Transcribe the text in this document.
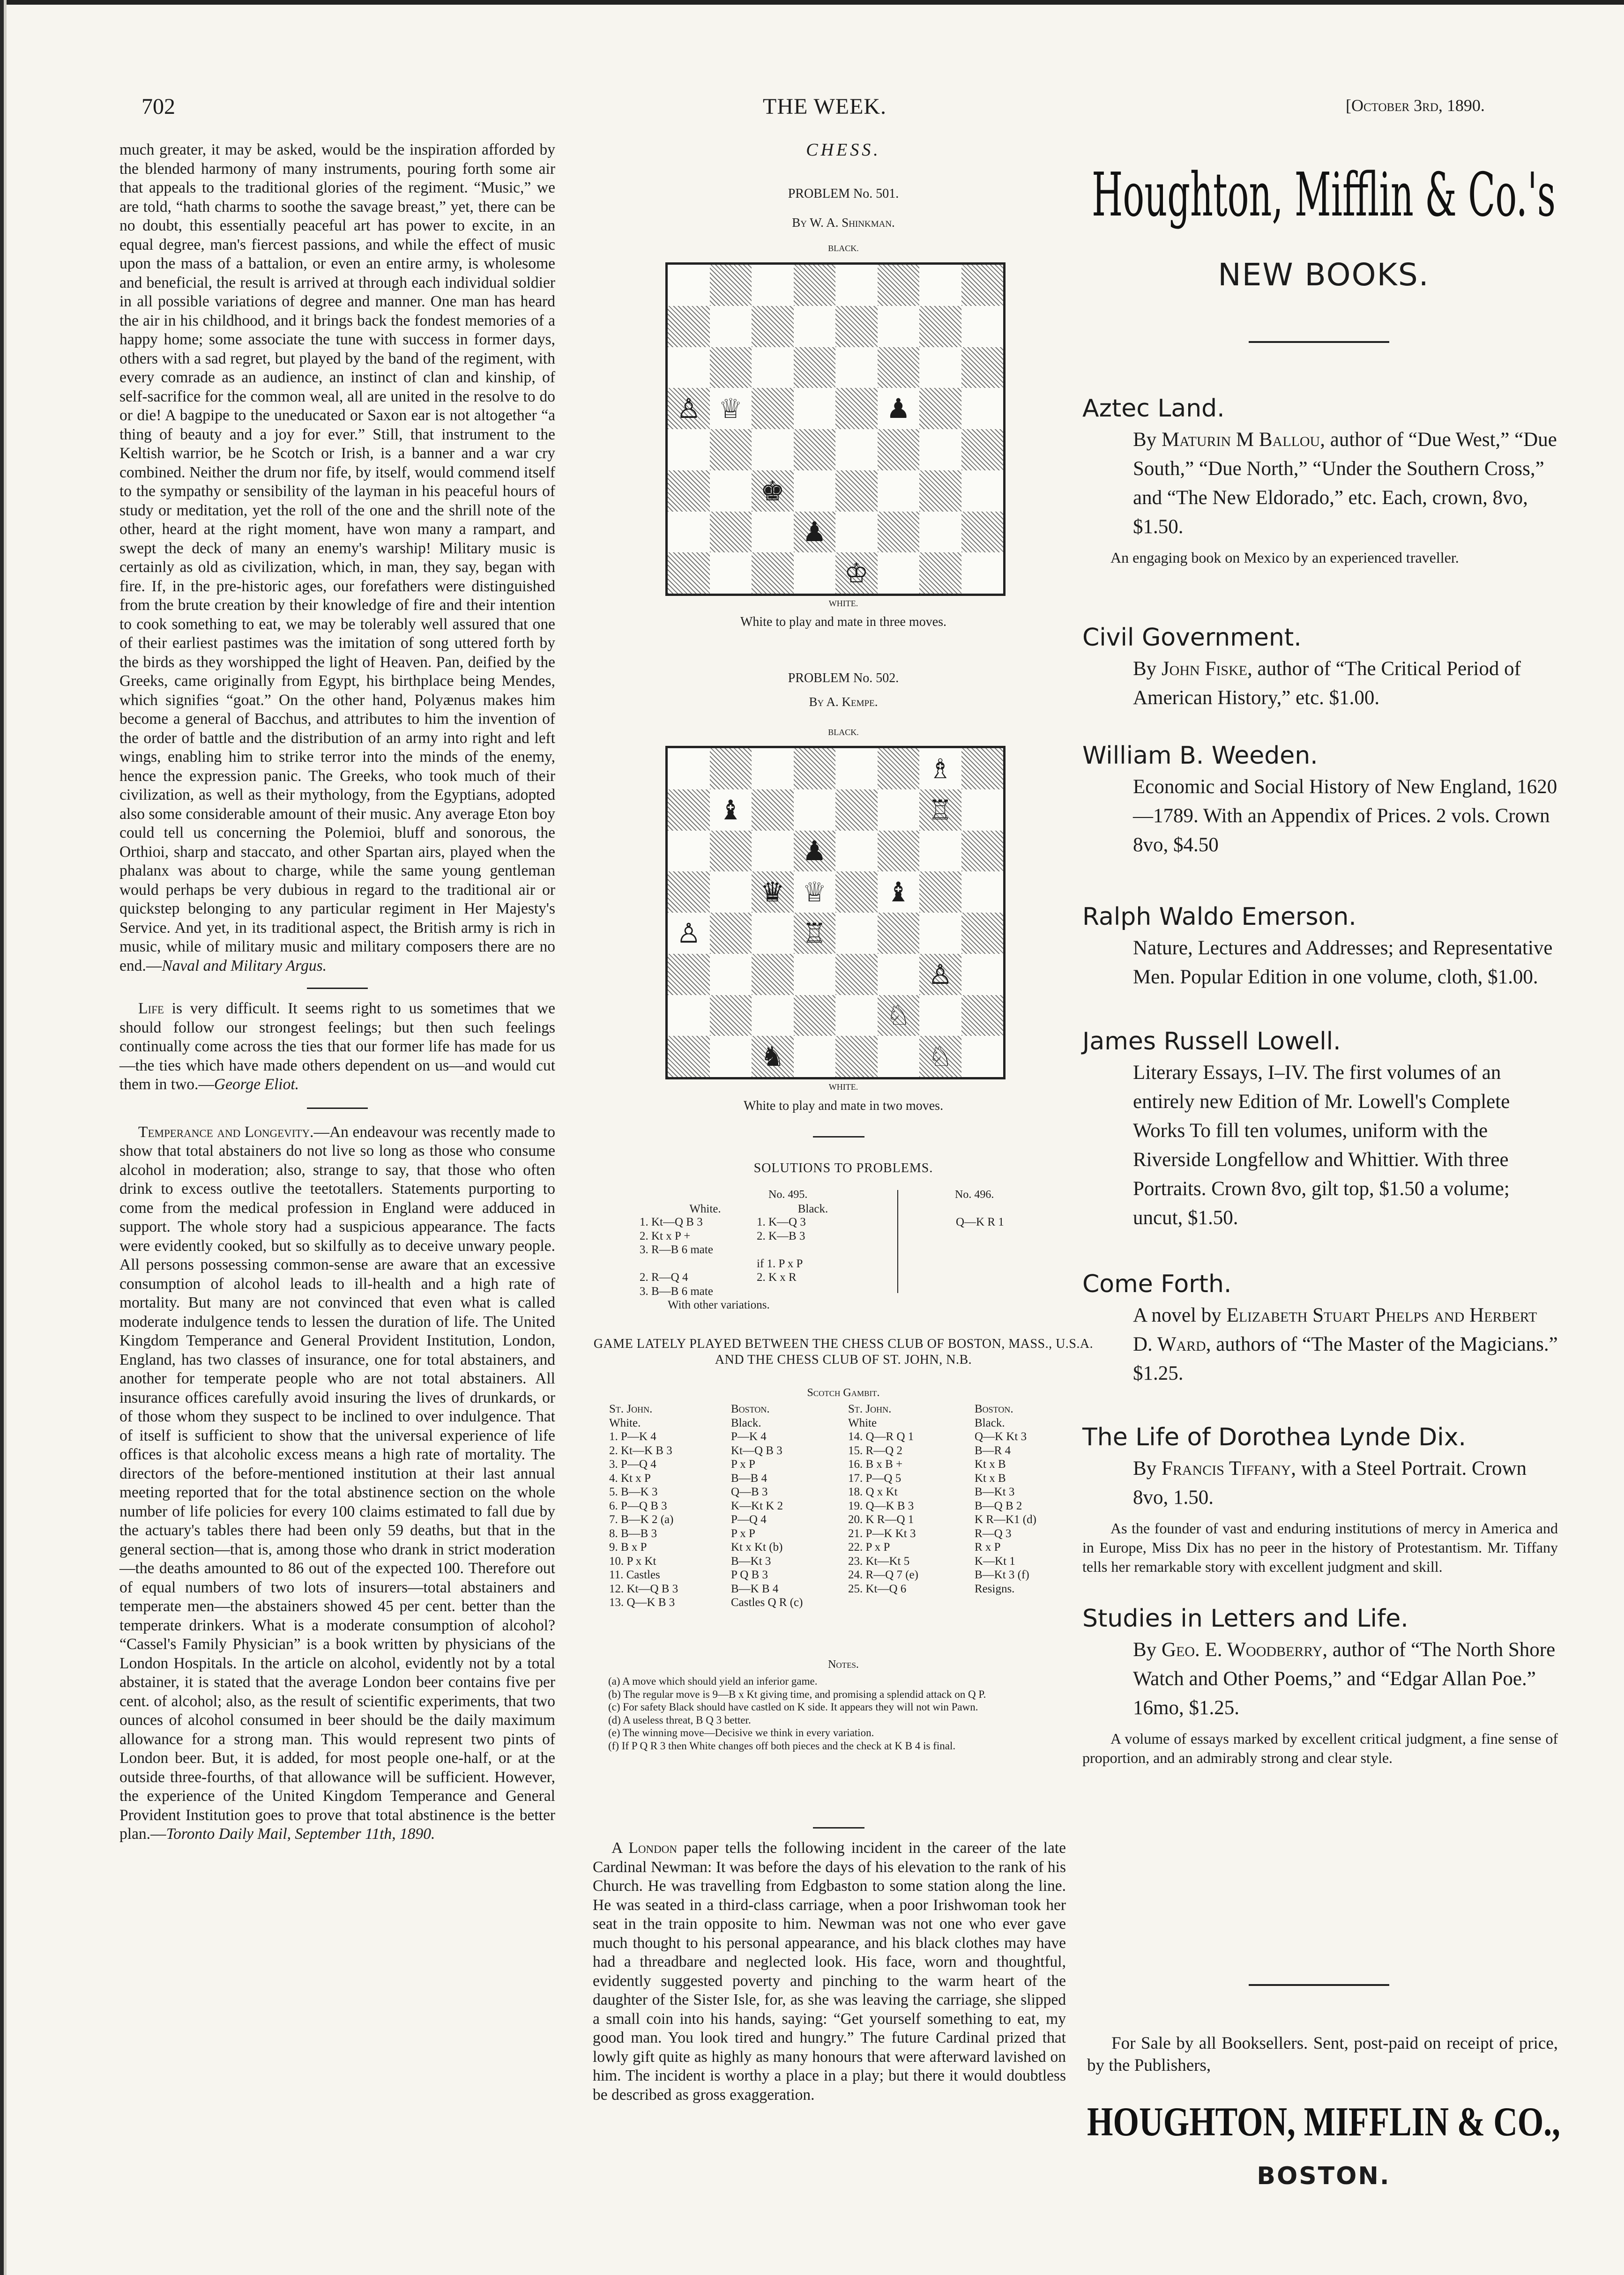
702	THE WEEK.	[October 3rd, 1890.

much greater, it may be asked, would be the inspiration afforded by the blended harmony of many instruments, pouring forth some air that appeals to the traditional glories of the regiment. “Music,” we are told, “hath charms to soothe the savage breast,” yet, there can be no doubt, this essentially peaceful art has power to excite, in an equal degree, man's fiercest passions, and while the effect of music upon the mass of a battalion, or even an entire army, is wholesome and beneficial, the result is arrived at through each individual soldier in all possible variations of degree and manner. One man has heard the air in his childhood, and it brings back the fondest memories of a happy home; some associate the tune with success in former days, others with a sad regret, but played by the band of the regiment, with every comrade as an audience, an instinct of clan and kinship, of self-sacrifice for the common weal, all are united in the resolve to do or die! A bagpipe to the uneducated or Saxon ear is not altogether “a thing of beauty and a joy for ever.” Still, that instrument to the Keltish warrior, be he Scotch or Irish, is a banner and a war cry combined. Neither the drum nor fife, by itself, would commend itself to the sympathy or sensibility of the layman in his peaceful hours of study or meditation, yet the roll of the one and the shrill note of the other, heard at the right moment, have won many a rampart, and swept the deck of many an enemy's warship! Military music is certainly as old as civilization, which, in man, they say, began with fire. If, in the pre-historic ages, our forefathers were distinguished from the brute creation by their knowledge of fire and their intention to cook something to eat, we may be tolerably well assured that one of their earliest pastimes was the imitation of song uttered forth by the birds as they worshipped the light of Heaven. Pan, deified by the Greeks, came originally from Egypt, his birthplace being Mendes, which signifies “goat.” On the other hand, Polyænus makes him become a general of Bacchus, and attributes to him the invention of the order of battle and the distribution of an army into right and left wings, enabling him to strike terror into the minds of the enemy, hence the expression panic. The Greeks, who took much of their civilization, as well as their mythology, from the Egyptians, adopted also some considerable amount of their music. Any average Eton boy could tell us concerning the Polemioi, bluff and sonorous, the Orthioi, sharp and staccato, and other Spartan airs, played when the phalanx was about to charge, while the same young gentleman would perhaps be very dubious in regard to the traditional air or quickstep belonging to any particular regiment in Her Majesty's Service. And yet, in its traditional aspect, the British army is rich in music, while of military music and military composers there are no end.—Naval and Military Argus.

Life is very difficult. It seems right to us sometimes that we should follow our strongest feelings; but then such feelings continually come across the ties that our former life has made for us—the ties which have made others dependent on us—and would cut them in two.—George Eliot.

Temperance and Longevity.—An endeavour was recently made to show that total abstainers do not live so long as those who consume alcohol in moderation; also, strange to say, that those who often drink to excess outlive the teetotallers. Statements purporting to come from the medical profession in England were adduced in support. The whole story had a suspicious appearance. The facts were evidently cooked, but so skilfully as to deceive unwary people. All persons possessing common-sense are aware that an excessive consumption of alcohol leads to ill-health and a high rate of mortality. But many are not convinced that even what is called moderate indulgence tends to lessen the duration of life. The United Kingdom Temperance and General Provident Institution, London, England, has two classes of insurance, one for total abstainers, and another for temperate people who are not total abstainers. All insurance offices carefully avoid insuring the lives of drunkards, or of those whom they suspect to be inclined to over indulgence. That of itself is sufficient to show that the universal experience of life offices is that alcoholic excess means a high rate of mortality. The directors of the before-mentioned institution at their last annual meeting reported that for the total abstinence section on the whole number of life policies for every 100 claims estimated to fall due by the actuary's tables there had been only 59 deaths, but that in the general section—that is, among those who drank in strict moderation—the deaths amounted to 86 out of the expected 100. Therefore out of equal numbers of two lots of insurers—total abstainers and temperate men—the abstainers showed 45 per cent. better than the temperate drinkers. What is a moderate consumption of alcohol? “Cassel's Family Physician” is a book written by physicians of the London Hospitals. In the article on alcohol, evidently not by a total abstainer, it is stated that the average London beer contains five per cent. of alcohol; also, as the result of scientific experiments, that two ounces of alcohol consumed in beer should be the daily maximum allowance for a strong man. This would represent two pints of London beer. But, it is added, for most people one-half, or at the outside three-fourths, of that allowance will be sufficient. However, the experience of the United Kingdom Temperance and General Provident Institution goes to prove that total abstinence is the better plan.—Toronto Daily Mail, September 11th, 1890.

CHESS.
PROBLEM No. 501.
By W. A. Shinkman.
BLACK.
♙ ♕	♟
♚
♟
♔
WHITE.
White to play and mate in three moves.
PROBLEM No. 502.
By A. Kempe.
BLACK.
♗
♝	♖
♟
♛ ♕	♝
♙	♖
♙
♘
♞	♘
WHITE.
White to play and mate in two moves.
SOLUTIONS TO PROBLEMS.
No. 495.	No. 496.
White.	Black.
1. Kt—Q B 3	1. K—Q 3
2. Kt x P +	2. K—B 3
3. R—B 6 mate
if 1. P x P
2. R—Q 4	2. K x R
3. B—B 6 mate
With other variations.
Q—K R 1
GAME LATELY PLAYED BETWEEN THE CHESS CLUB OF BOSTON, MASS., U.S.A. AND THE CHESS CLUB OF ST. JOHN, N.B.
Scotch Gambit.
St. John.	Boston.	St. John.	Boston.
White.	Black.	White	Black.
1. P—K 4	P—K 4	14. Q—R Q 1	Q—K Kt 3
2. Kt—K B 3	Kt—Q B 3	15. R—Q 2	B—R 4
3. P—Q 4	P x P	16. B x B +	Kt x B
4. Kt x P	B—B 4	17. P—Q 5	Kt x B
5. B—K 3	Q—B 3	18. Q x Kt	B—Kt 3
6. P—Q B 3	K—Kt K 2	19. Q—K B 3	B—Q B 2
7. B—K 2 (a)	P—Q 4	20. K R—Q 1	K R—K1 (d)
8. B—B 3	P x P	21. P—K Kt 3	R—Q 3
9. B x P	Kt x Kt (b)	22. P x P	R x P
10. P x Kt	B—Kt 3	23. Kt—Kt 5	K—Kt 1
11. Castles	P Q B 3	24. R—Q 7 (e)	B—Kt 3 (f)
12. Kt—Q B 3	B—K B 4	25. Kt—Q 6	Resigns.
13. Q—K B 3	Castles Q R (c)
Notes.
(a) A move which should yield an inferior game.
(b) The regular move is 9—B x Kt giving time, and promising a splendid attack on Q P.
(c) For safety Black should have castled on K side. It appears they will not win Pawn.
(d) A useless threat, B Q 3 better.
(e) The winning move—Decisive we think in every variation.
(f) If P Q R 3 then White changes off both pieces and the check at K B 4 is final.

A London paper tells the following incident in the career of the late Cardinal Newman: It was before the days of his elevation to the rank of his Church. He was travelling from Edgbaston to some station along the line. He was seated in a third-class carriage, when a poor Irishwoman took her seat in the train opposite to him. Newman was not one who ever gave much thought to his personal appearance, and his black clothes may have had a threadbare and neglected look. His face, worn and thoughtful, evidently suggested poverty and pinching to the warm heart of the daughter of the Sister Isle, for, as she was leaving the carriage, she slipped a small coin into his hands, saying: “Get yourself something to eat, my good man. You look tired and hungry.” The future Cardinal prized that lowly gift quite as highly as many honours that were afterward lavished on him. The incident is worthy a place in a play; but there it would doubtless be described as gross exaggeration.

Houghton, Mifflin & Co.'s
NEW BOOKS.
Aztec Land.
By Maturin M Ballou, author of “Due West,” “Due South,” “Due North,” “Under the Southern Cross,” and “The New Eldorado,” etc. Each, crown, 8vo, $1.50.
An engaging book on Mexico by an experienced traveller.
Civil Government.
By John Fiske, author of “The Critical Period of American History,” etc. $1.00.
William B. Weeden.
Economic and Social History of New England, 1620—1789. With an Appendix of Prices. 2 vols. Crown 8vo, $4.50
Ralph Waldo Emerson.
Nature, Lectures and Addresses; and Representative Men. Popular Edition in one volume, cloth, $1.00.
James Russell Lowell.
Literary Essays, I–IV. The first volumes of an entirely new Edition of Mr. Lowell's Complete Works To fill ten volumes, uniform with the Riverside Longfellow and Whittier. With three Portraits. Crown 8vo, gilt top, $1.50 a volume; uncut, $1.50.
Come Forth.
A novel by Elizabeth Stuart Phelps and Herbert D. Ward, authors of “The Master of the Magicians.” $1.25.
The Life of Dorothea Lynde Dix.
By Francis Tiffany, with a Steel Portrait. Crown 8vo, 1.50.
As the founder of vast and enduring institutions of mercy in America and in Europe, Miss Dix has no peer in the history of Protestantism. Mr. Tiffany tells her remarkable story with excellent judgment and skill.
Studies in Letters and Life.
By Geo. E. Woodberry, author of “The North Shore Watch and Other Poems,” and “Edgar Allan Poe.” 16mo, $1.25.
A volume of essays marked by excellent critical judgment, a fine sense of proportion, and an admirably strong and clear style.
For Sale by all Booksellers. Sent, post-paid on receipt of price, by the Publishers,
HOUGHTON, MIFFLIN & CO.,
BOSTON.
